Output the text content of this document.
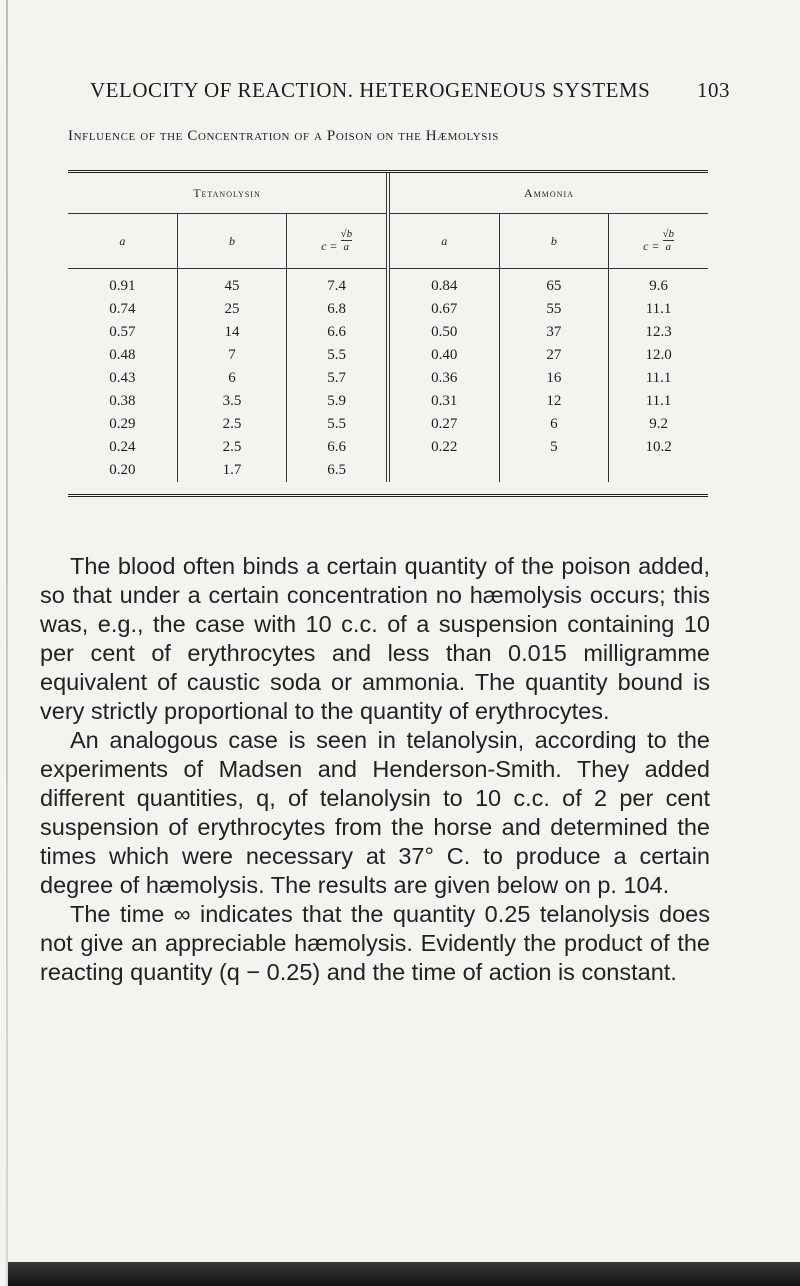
VELOCITY OF REACTION. HETEROGENEOUS SYSTEMS 103
Influence of the Concentration of a Poison on the Hæmolysis
Tetanolysin			Ammonia		
a	b	$c = \frac{√b}{a}$	a	b	$c = \frac{√b}{a}$

0.91	45	7.4	0.84	65	9.6
0.74	25	6.8	0.67	55	11.1
0.57	14	6.6	0.50	37	12.3
0.48	7	5.5	0.40	27	12.0
0.43	6	5.7	0.36	16	11.1
0.38	3.5	5.9	0.31	12	11.1
0.29	2.5	5.5	0.27	6	9.2
0.24	2.5	6.6	0.22	5	10.2
0.20	1.7	6.5			

The blood often binds a certain quantity of the poison added, so that under a certain concentration no hæmolysis occurs; this was, e.g., the case with 10 c.c. of a suspension containing 10 per cent of erythrocytes and less than 0.015 milligramme equivalent of caustic soda or ammonia. The quantity bound is very strictly proportional to the quantity of erythrocytes.

An analogous case is seen in telanolysin, according to the experiments of Madsen and Henderson-Smith. They added different quantities, q, of telanolysin to 10 c.c. of 2 per cent suspension of erythrocytes from the horse and determined the times which were necessary at 37° C. to produce a certain degree of hæmolysis. The results are given below on p. 104.

The time ∞ indicates that the quantity 0.25 telanolysis does not give an appreciable hæmolysis. Evidently the product of the reacting quantity (q − 0.25) and the time of action is constant.
